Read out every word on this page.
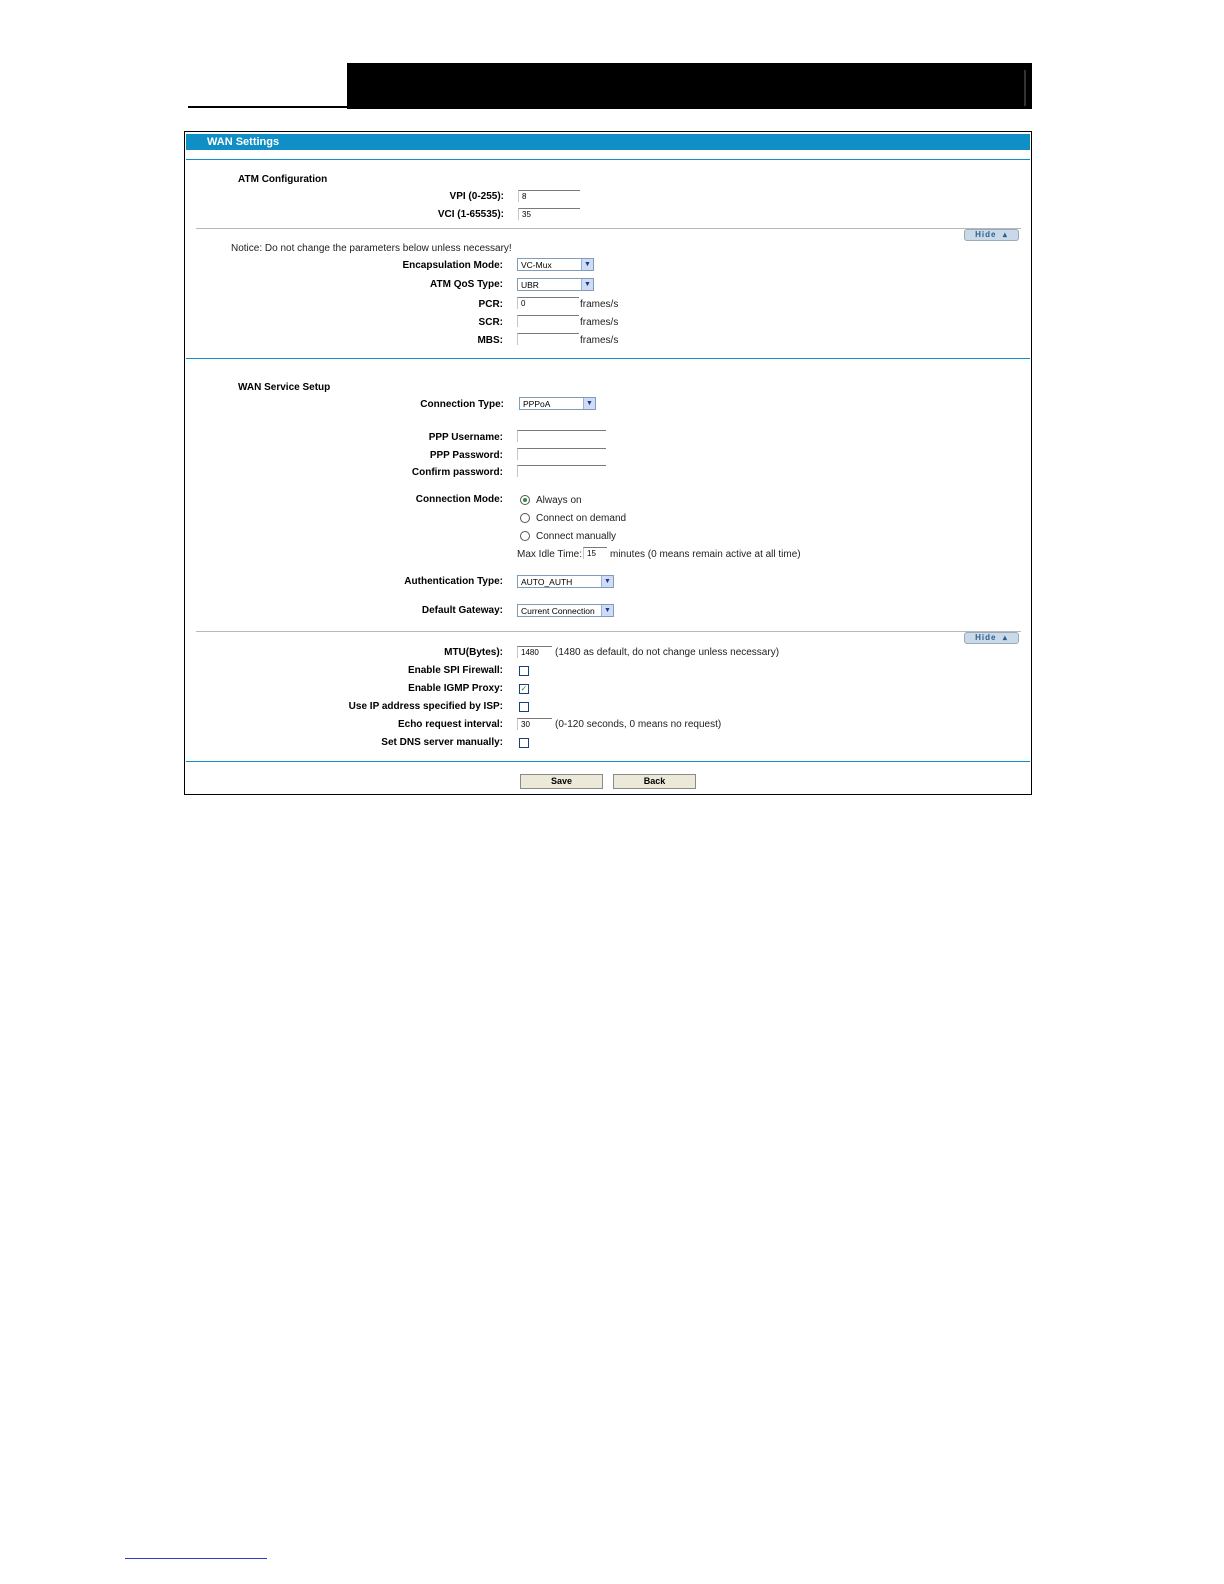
WAN Settings
ATM Configuration
VPI (0-255):	8
VCI (1-65535):	35
Hide  ▴
Notice: Do not change the parameters below unless necessary!
Encapsulation Mode:	VC-Mux	▼
ATM QoS Type:	UBR	▼
PCR:	0	frames/s
SCR:	frames/s
MBS:	frames/s
WAN Service Setup
Connection Type:	PPPoA	▼
PPP Username:
PPP Password:
Confirm password:
Connection Mode:	Always on
Connect on demand
Connect manually
Max Idle Time: 15	minutes (0 means remain active at all time)
Authentication Type:	AUTO_AUTH	▼
Default Gateway:	Current Connection	▼
Hide  ▴
MTU(Bytes):	1480	(1480 as default, do not change unless necessary)
Enable SPI Firewall:
Enable IGMP Proxy: ✓
Use IP address specified by ISP:
Echo request interval:	30	(0-120 seconds, 0 means no request)
Set DNS server manually:
Save	Back
